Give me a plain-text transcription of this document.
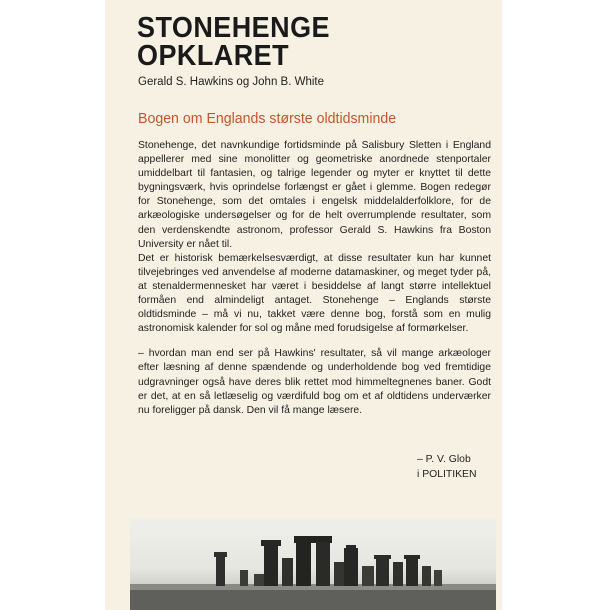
STONEHENGE
OPKLARET
Gerald S. Hawkins og John B. White
Bogen om Englands største oldtidsminde

Stonehenge, det navnkundige fortidsminde på Salisbury Sletten i England appellerer med sine monolitter og geometriske anordnede stenportaler umiddelbart til fantasien, og talrige legender og myter er knyttet til dette bygningsværk, hvis oprindelse forlængst er gået i glemme. Bogen redegør for Stonehenge, som det omtales i engelsk middelalderfolklore, for de arkæologiske undersøgelser og for de helt overrumplende resultater, som den verdenskendte astronom, professor Gerald S. Hawkins fra Boston University er nået til.

Det er historisk bemærkelsesværdigt, at disse resultater kun har kunnet tilvejebringes ved anvendelse af moderne datamaskiner, og meget tyder på, at stenaldermennesket har været i besiddelse af langt større intellektuel formåen end almindeligt antaget. Stonehenge – Englands største oldtidsminde – må vi nu, takket være denne bog, forstå som en mulig astronomisk kalender for sol og måne med forudsigelse af formørkelser.

– hvordan man end ser på Hawkins' resultater, så vil mange arkæologer efter læsning af denne spændende og underholdende bog ved fremtidige udgravninger også have deres blik rettet mod himmeltegnenes baner. Godt er det, at en så letlæselig og værdifuld bog om et af oldtidens underværker nu foreligger på dansk. Den vil få mange læsere.

– P. V. Glob
i POLITIKEN
